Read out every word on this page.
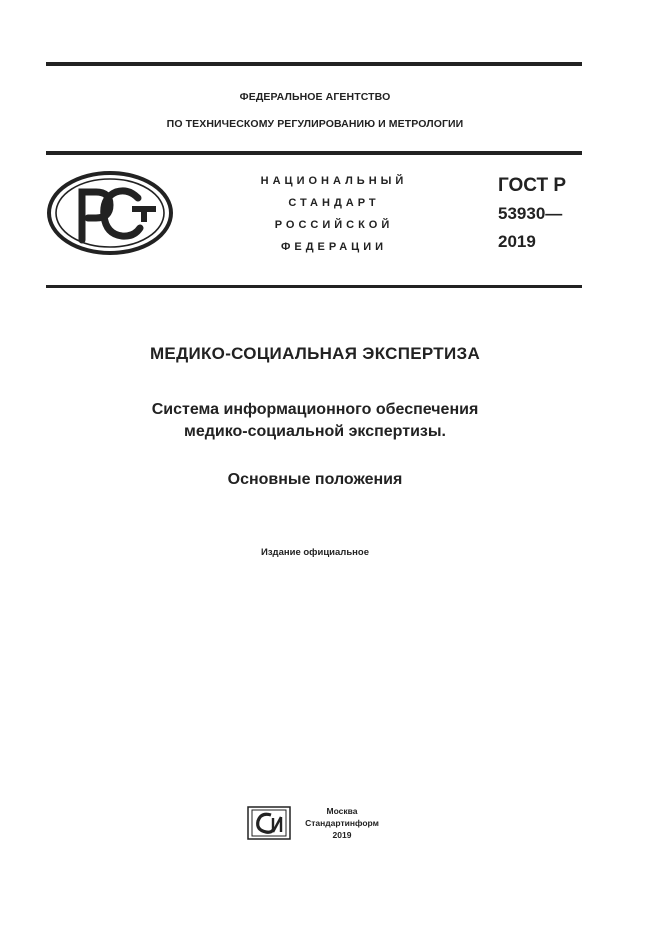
ФЕДЕРАЛЬНОЕ АГЕНТСТВО
ПО ТЕХНИЧЕСКОМУ РЕГУЛИРОВАНИЮ И МЕТРОЛОГИИ
НАЦИОНАЛЬНЫЙ
СТАНДАРТ
РОССИЙСКОЙ
ФЕДЕРАЦИИ
ГОСТ Р
53930—
2019
МЕДИКО-СОЦИАЛЬНАЯ ЭКСПЕРТИЗА
Система информационного обеспечения
медико-социальной экспертизы.
Основные положения
Издание официальное
Москва
Стандартинформ
2019
